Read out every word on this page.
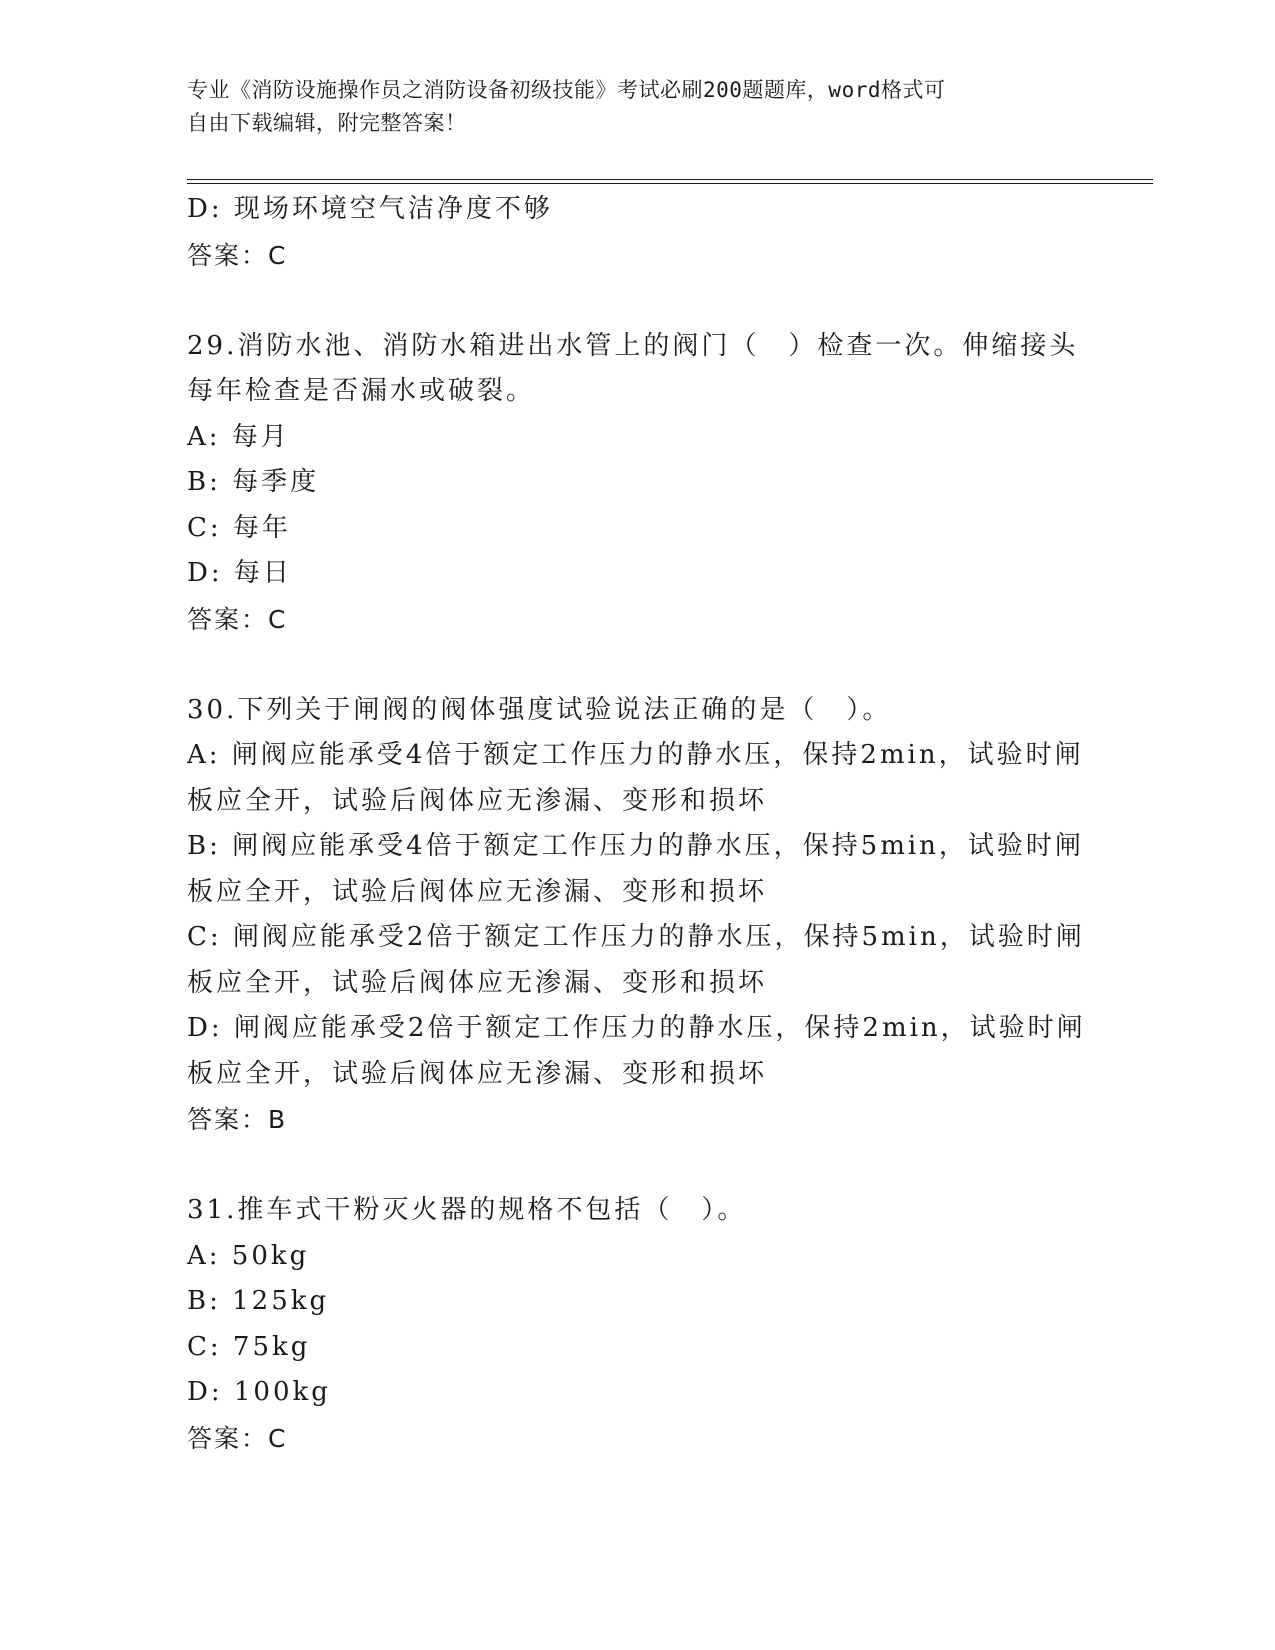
专业《消防设施操作员之消防设备初级技能》考试必刷200题题库，word格式可
自由下载编辑，附完整答案！
D: 现场环境空气洁净度不够
答案：C
29.消防水池、消防水箱进出水管上的阀门（　）检查一次。伸缩接头
每年检查是否漏水或破裂。
A: 每月
B: 每季度
C: 每年
D: 每日
答案：C
30.下列关于闸阀的阀体强度试验说法正确的是（　）。
A: 闸阀应能承受4倍于额定工作压力的静水压，保持2min，试验时闸
板应全开，试验后阀体应无渗漏、变形和损坏
B: 闸阀应能承受4倍于额定工作压力的静水压，保持5min，试验时闸
板应全开，试验后阀体应无渗漏、变形和损坏
C: 闸阀应能承受2倍于额定工作压力的静水压，保持5min，试验时闸
板应全开，试验后阀体应无渗漏、变形和损坏
D: 闸阀应能承受2倍于额定工作压力的静水压，保持2min，试验时闸
板应全开，试验后阀体应无渗漏、变形和损坏
答案：B
31.推车式干粉灭火器的规格不包括（　）。
A: 50kg
B: 125kg
C: 75kg
D: 100kg
答案：C
